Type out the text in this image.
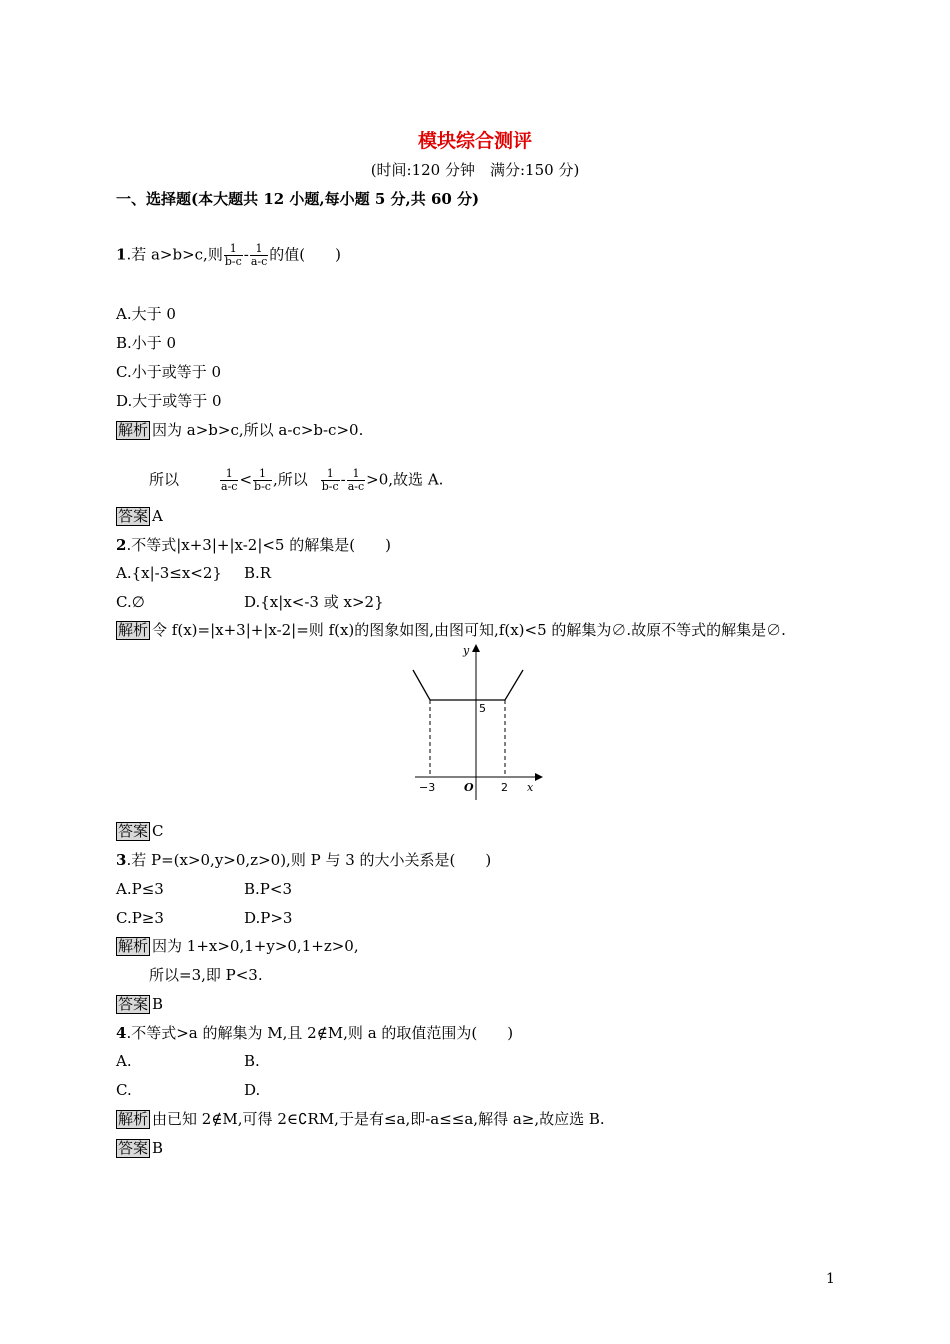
模块综合测评
(时间:120 分钟　满分:150 分)
一、选择题(本大题共 12 小题,每小题 5 分,共 60 分)
1.若 a>b>c,则 $\frac{1}{b-c} - \frac{1}{a-c}$ 的值(　　)
A.大于 0
B.小于 0
C.小于或等于 0
D.大于或等于 0
解析 因为 a>b>c,所以 a-c>b-c>0.
所以	$\frac{1}{a-c} < \frac{1}{b-c}$ ,所以 $\frac{1}{b-c} - \frac{1}{a-c} >0$,故选 A.
答案 A
2.不等式|x+3|+|x-2|<5 的解集是(　　)
A.{x|-3≤x<2} B.R
C.∅	D.{x|x<-3 或 x>2}
解析 令 f(x)=|x+3|+|x-2|=则 f(x)的图象如图,由图可知,f(x)<5 的解集为∅.故原不等式的解集是∅.
y
x
O
−3	2
5
答案 C
3.若 P=(x>0,y>0,z>0),则 P 与 3 的大小关系是(　　)
A.P≤3	B.P<3
C.P≥3	D.P>3
解析 因为 1+x>0,1+y>0,1+z>0,
所以=3,即 P<3.
答案 B
4.不等式>a 的解集为 M,且 2∉M,则 a 的取值范围为(　　)
A.	B.
C.	D.
解析 由已知 2∉M,可得 2∈∁RM,于是有≤a,即-a≤≤a,解得 a≥,故应选 B.
答案 B
1
